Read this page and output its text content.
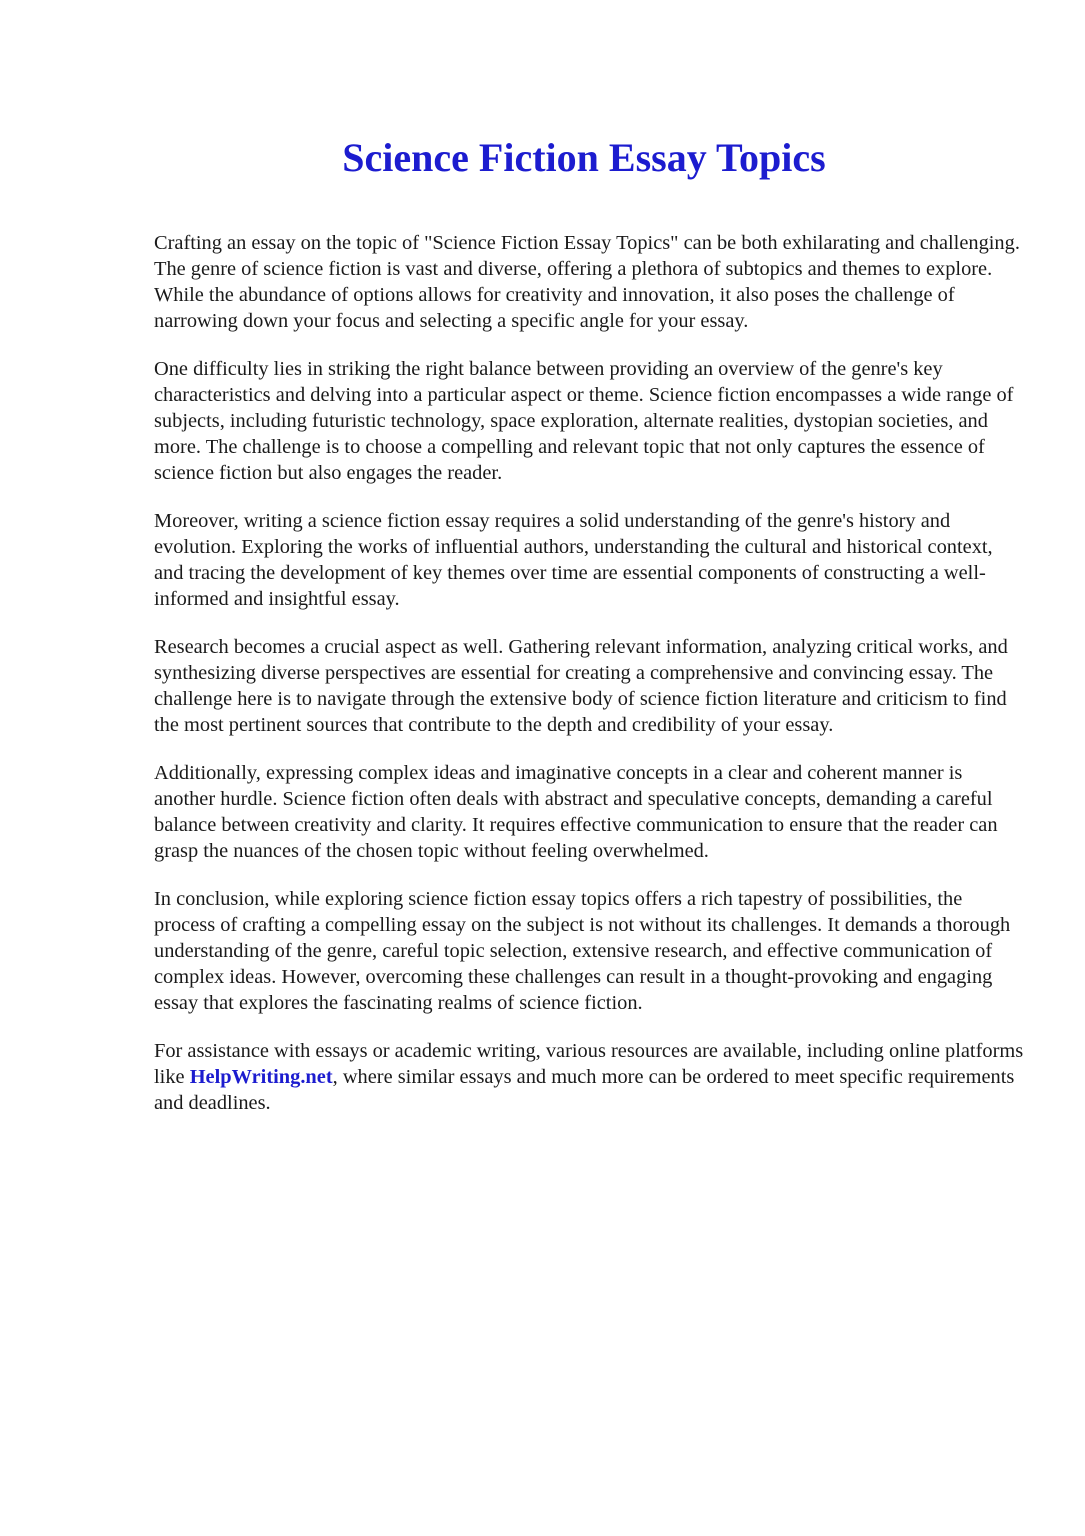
Science Fiction Essay Topics

Crafting an essay on the topic of "Science Fiction Essay Topics" can be both exhilarating and challenging. The genre of science fiction is vast and diverse, offering a plethora of subtopics and themes to explore. While the abundance of options allows for creativity and innovation, it also poses the challenge of narrowing down your focus and selecting a specific angle for your essay.

One difficulty lies in striking the right balance between providing an overview of the genre's key characteristics and delving into a particular aspect or theme. Science fiction encompasses a wide range of subjects, including futuristic technology, space exploration, alternate realities, dystopian societies, and more. The challenge is to choose a compelling and relevant topic that not only captures the essence of science fiction but also engages the reader.

Moreover, writing a science fiction essay requires a solid understanding of the genre's history and evolution. Exploring the works of influential authors, understanding the cultural and historical context, and tracing the development of key themes over time are essential components of constructing a well-informed and insightful essay.

Research becomes a crucial aspect as well. Gathering relevant information, analyzing critical works, and synthesizing diverse perspectives are essential for creating a comprehensive and convincing essay. The challenge here is to navigate through the extensive body of science fiction literature and criticism to find the most pertinent sources that contribute to the depth and credibility of your essay.

Additionally, expressing complex ideas and imaginative concepts in a clear and coherent manner is another hurdle. Science fiction often deals with abstract and speculative concepts, demanding a careful balance between creativity and clarity. It requires effective communication to ensure that the reader can grasp the nuances of the chosen topic without feeling overwhelmed.

In conclusion, while exploring science fiction essay topics offers a rich tapestry of possibilities, the process of crafting a compelling essay on the subject is not without its challenges. It demands a thorough understanding of the genre, careful topic selection, extensive research, and effective communication of complex ideas. However, overcoming these challenges can result in a thought-provoking and engaging essay that explores the fascinating realms of science fiction.

For assistance with essays or academic writing, various resources are available, including online platforms like HelpWriting.net, where similar essays and much more can be ordered to meet specific requirements and deadlines.
